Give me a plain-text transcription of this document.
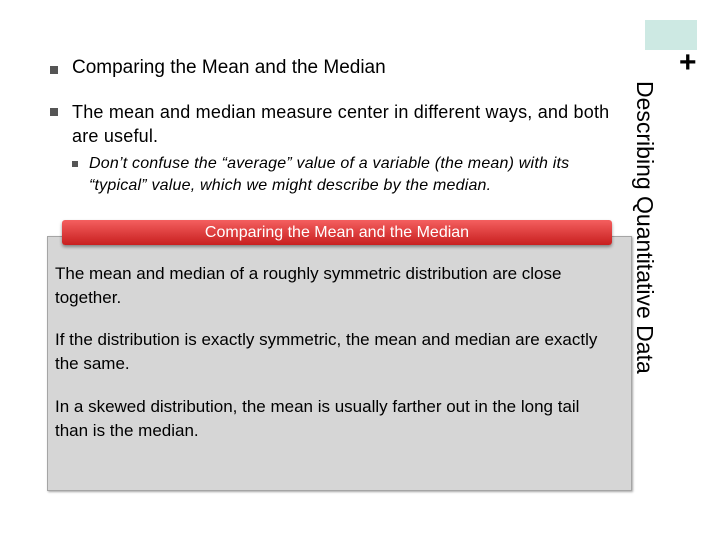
+
Describing Quantitative Data
Comparing the Mean and the Median
The mean and median measure center in different ways, and both are useful.
Don’t confuse the “average” value of a variable (the mean) with its “typical” value, which we might describe by the median.
Comparing the Mean and the Median
The mean and median of a roughly symmetric distribution are close together.
If the distribution is exactly symmetric, the mean and median are exactly the same.
In a skewed distribution, the mean is usually farther out in the long tail than is the median.
